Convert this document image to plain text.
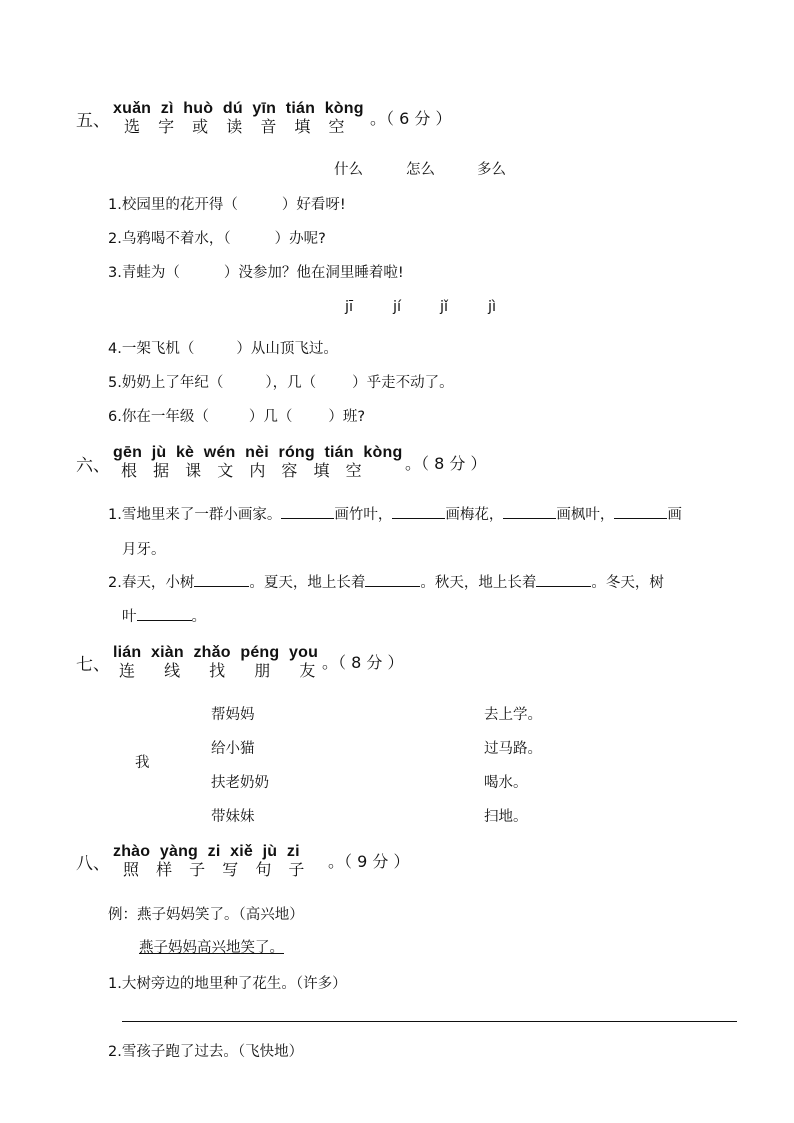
五、
xuǎn zì huò dú yīn tián kòng
选 字 或 读 音 填 空 。（ 6 分 ）
什么	怎么	多么
1.校园里的花开得（	）好看呀!
2.乌鸦喝不着水，（	）办呢?
3.青蛙为（	）没参加？他在洞里睡着啦!
jī	jí	jǐ	jì
4.一架飞机（	）从山顶飞过。
5.奶奶上了年纪（	），几（ ）乎走不动了。
6.你在一年级（	）几（ ）班?
六、
gēn jù kè wén nèi róng tián kòng
根 据 课 文 内 容 填 空	。（ 8 分 ）
1.雪地里来了一群小画家。	画竹叶，	画梅花，	画枫叶，	画
月牙。
2.春天，小树	。夏天，地上长着	。秋天，地上长着	。冬天，树
叶	。
七、
lián xiàn zhǎo péng you
连 线 找 朋 友 。（ 8 分 ）
我
帮妈妈
给小猫
扶老奶奶
带妹妹
去上学。
过马路。
喝水。
扫地。
八、
zhào yàng zi xiě jù zi
照 样 子 写 句 子 。（ 9 分 ）
例：燕子妈妈笑了。（高兴地）
燕子妈妈高兴地笑了。
1.大树旁边的地里种了花生。（许多）
2.雪孩子跑了过去。（飞快地）
